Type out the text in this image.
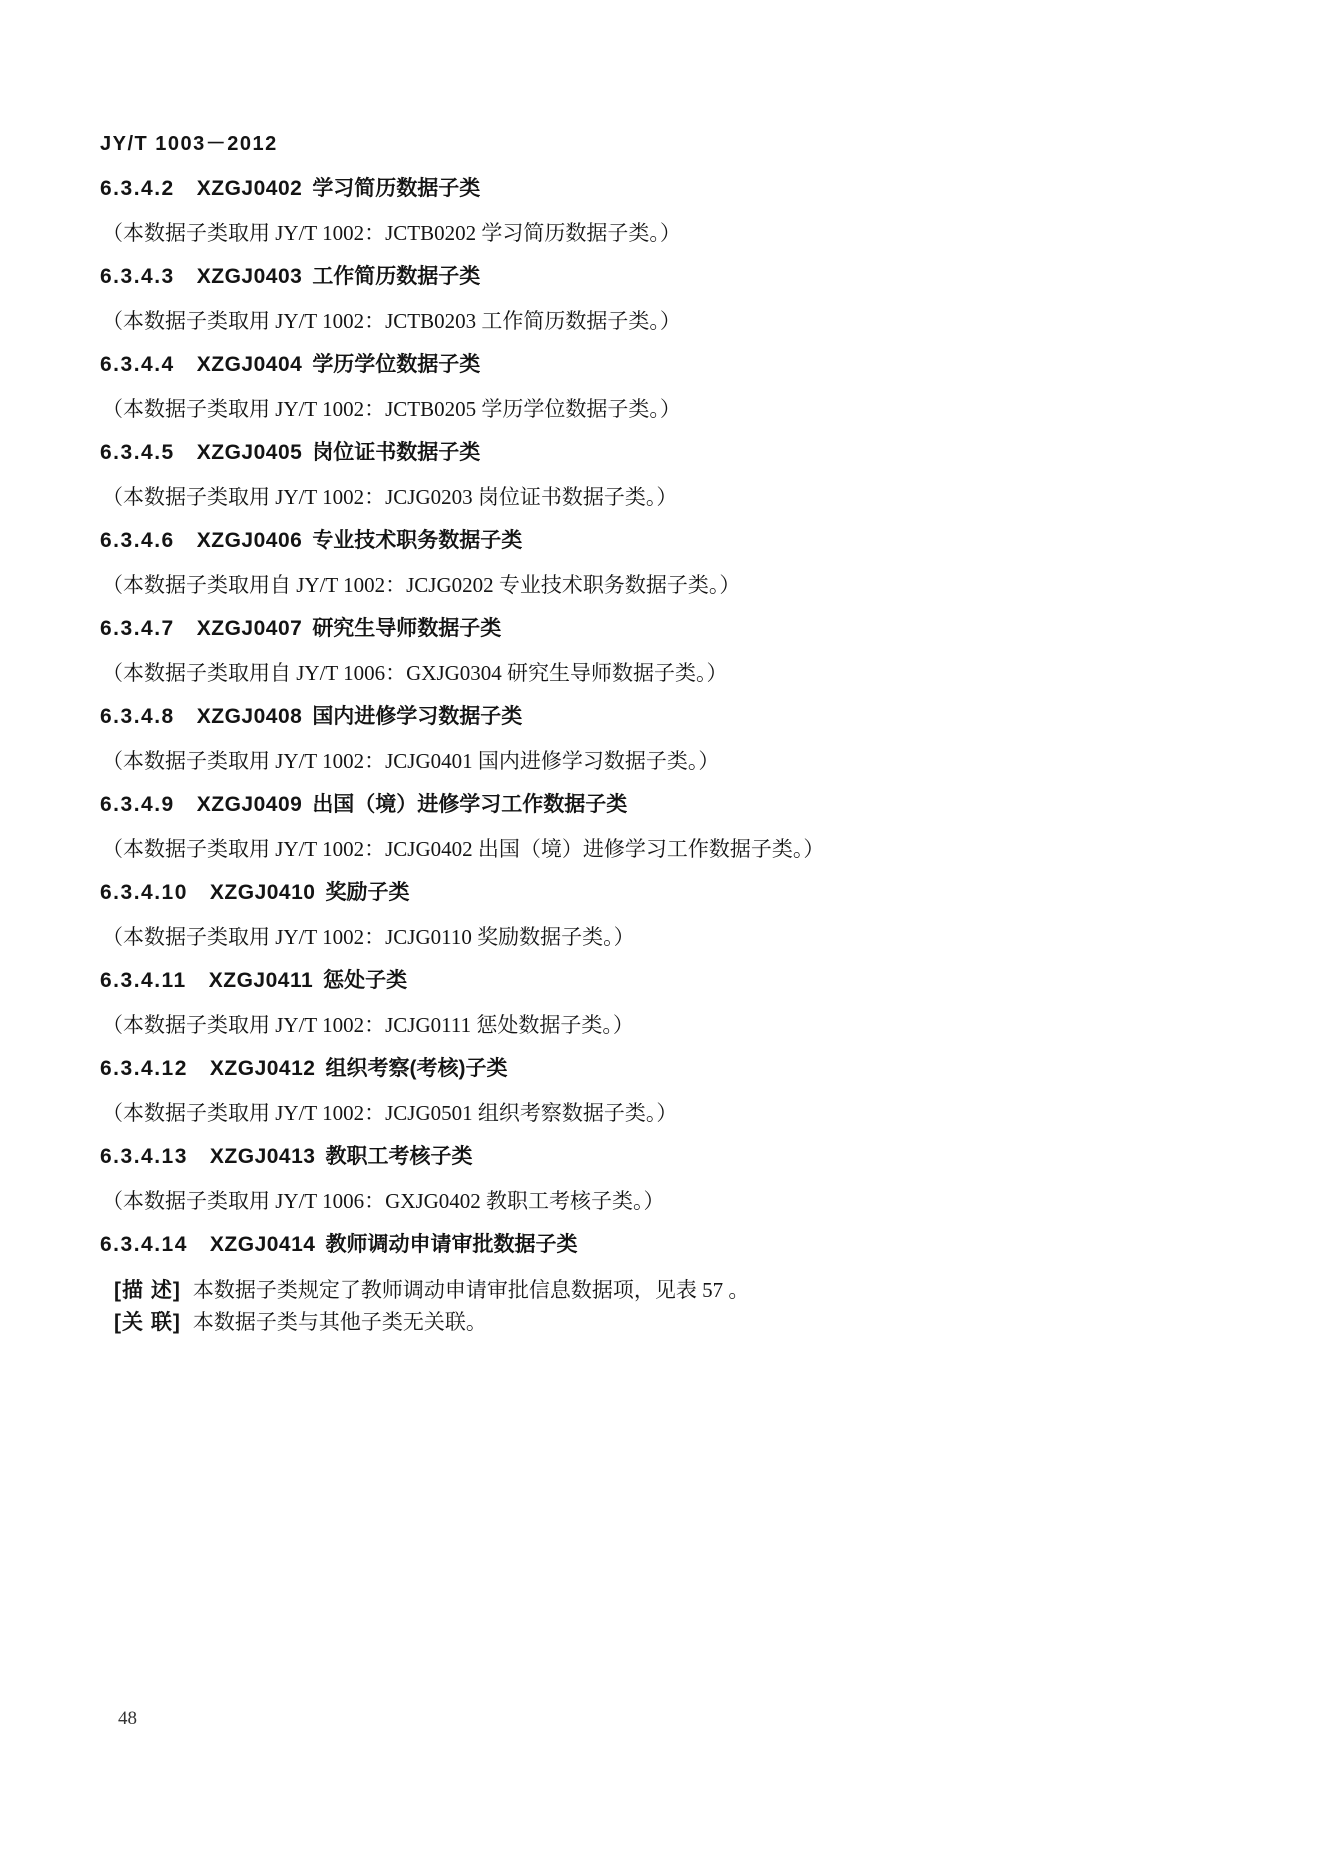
JY/T 1003－2012
6.3.4.2 XZGJ0402 学习简历数据子类
（本数据子类取用 JY/T 1002：JCTB0202 学习简历数据子类。）
6.3.4.3 XZGJ0403 工作简历数据子类
（本数据子类取用 JY/T 1002：JCTB0203 工作简历数据子类。）
6.3.4.4 XZGJ0404 学历学位数据子类
（本数据子类取用 JY/T 1002：JCTB0205 学历学位数据子类。）
6.3.4.5 XZGJ0405 岗位证书数据子类
（本数据子类取用 JY/T 1002：JCJG0203 岗位证书数据子类。）
6.3.4.6 XZGJ0406 专业技术职务数据子类
（本数据子类取用自 JY/T 1002：JCJG0202 专业技术职务数据子类。）
6.3.4.7 XZGJ0407 研究生导师数据子类
（本数据子类取用自 JY/T 1006：GXJG0304 研究生导师数据子类。）
6.3.4.8 XZGJ0408 国内进修学习数据子类
（本数据子类取用 JY/T 1002：JCJG0401 国内进修学习数据子类。）
6.3.4.9 XZGJ0409 出国（境）进修学习工作数据子类
（本数据子类取用 JY/T 1002：JCJG0402 出国（境）进修学习工作数据子类。）
6.3.4.10 XZGJ0410 奖励子类
（本数据子类取用 JY/T 1002：JCJG0110 奖励数据子类。）
6.3.4.11 XZGJ0411 惩处子类
（本数据子类取用 JY/T 1002：JCJG0111 惩处数据子类。）
6.3.4.12 XZGJ0412 组织考察(考核)子类
（本数据子类取用 JY/T 1002：JCJG0501 组织考察数据子类。）
6.3.4.13 XZGJ0413 教职工考核子类
（本数据子类取用 JY/T 1006：GXJG0402 教职工考核子类。）
6.3.4.14 XZGJ0414 教师调动申请审批数据子类
[描 述] 本数据子类规定了教师调动申请审批信息数据项，见表 57 。
[关 联] 本数据子类与其他子类无关联。
48
